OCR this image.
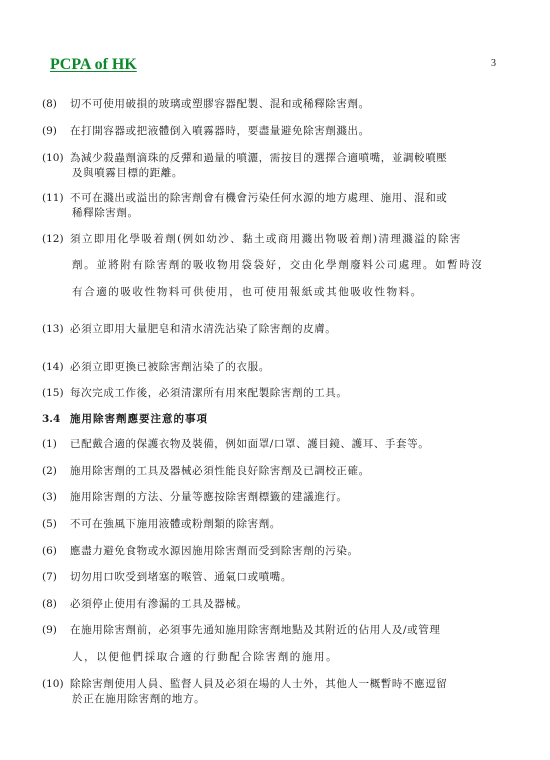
PCPA of HK	3
(8) 切不可使用破損的玻璃或塑膠容器配製、混和或稀釋除害劑。
(9) 在打開容器或把液體倒入噴霧器時，要盡量避免除害劑濺出。
(10) 為減少殺蟲劑滴珠的反彈和過量的噴灑，需按目的選擇合適噴嘴，並調較噴壓
及與噴霧目標的距離。
(11) 不可在濺出或溢出的除害劑會有機會污染任何水源的地方處理、施用、混和或
稀釋除害劑。
(12) 須立即用化學吸着劑(例如幼沙、黏土或商用濺出物吸着劑)清理濺溢的除害
劑。並將附有除害劑的吸收物用袋袋好，交由化學劑廢料公司處理。如暫時沒
有合適的吸收性物料可供使用，也可使用報紙或其他吸收性物料。
(13) 必須立即用大量肥皂和清水清洗沾染了除害劑的皮膚。
(14) 必須立即更換已被除害劑沾染了的衣服。
(15) 每次完成工作後，必須清潔所有用來配製除害劑的工具。
3.4 施用除害劑應要注意的事項
(1) 已配戴合適的保護衣物及裝備，例如面罩/口罩、護目鏡、護耳、手套等。
(2) 施用除害劑的工具及器械必須性能良好除害劑及已調校正確。
(3) 施用除害劑的方法、分量等應按除害劑標籤的建議進行。
(5) 不可在強風下施用液體或粉劑類的除害劑。
(6) 應盡力避免食物或水源因施用除害劑而受到除害劑的污染。
(7) 切勿用口吹受到堵塞的喉管、通氣口或噴嘴。
(8) 必須停止使用有滲漏的工具及器械。
(9) 在施用除害劑前，必須事先通知施用除害劑地點及其附近的佔用人及/或管理
人，以便他們採取合適的行動配合除害劑的施用。
(10) 除除害劑使用人員、監督人員及必須在場的人士外，其他人一概暫時不應逗留
於正在施用除害劑的地方。
